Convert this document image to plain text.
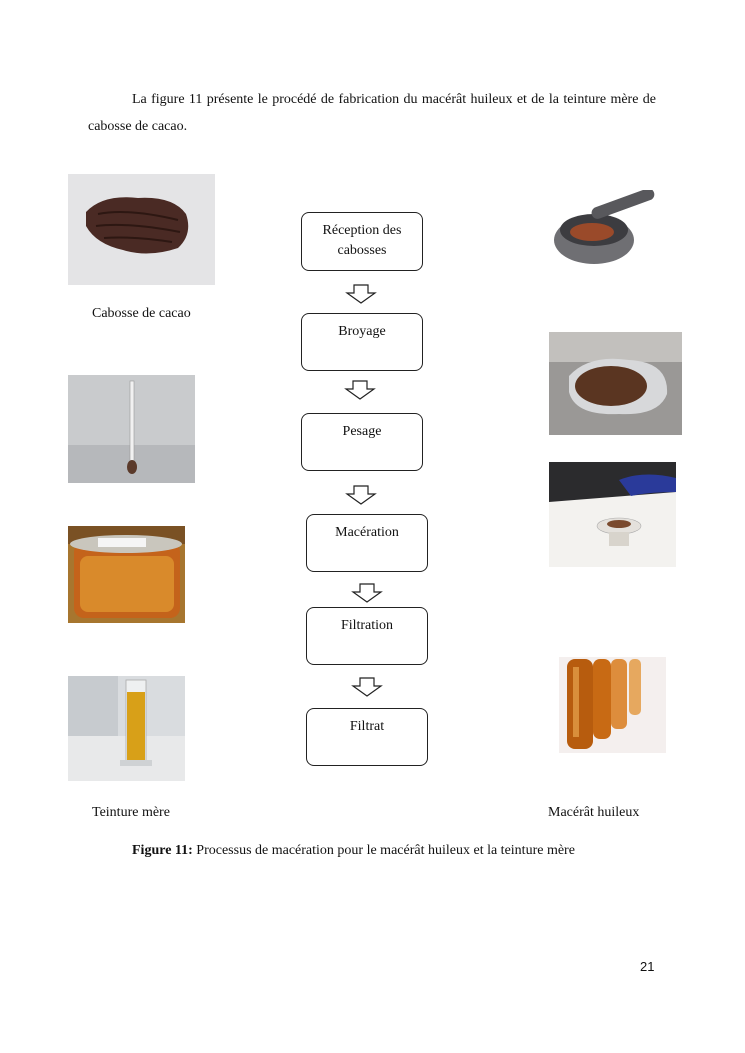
La figure 11 présente le procédé de fabrication du macérât huileux et de la teinture mère de cabosse de cacao.

Cabosse de cacao
Teinture mère	Macérât huileux
Réception des cabosses
Broyage
Pesage
Macération
Filtration
Filtrat
Figure 11: Processus de macération pour le macérât huileux et la teinture mère
21
